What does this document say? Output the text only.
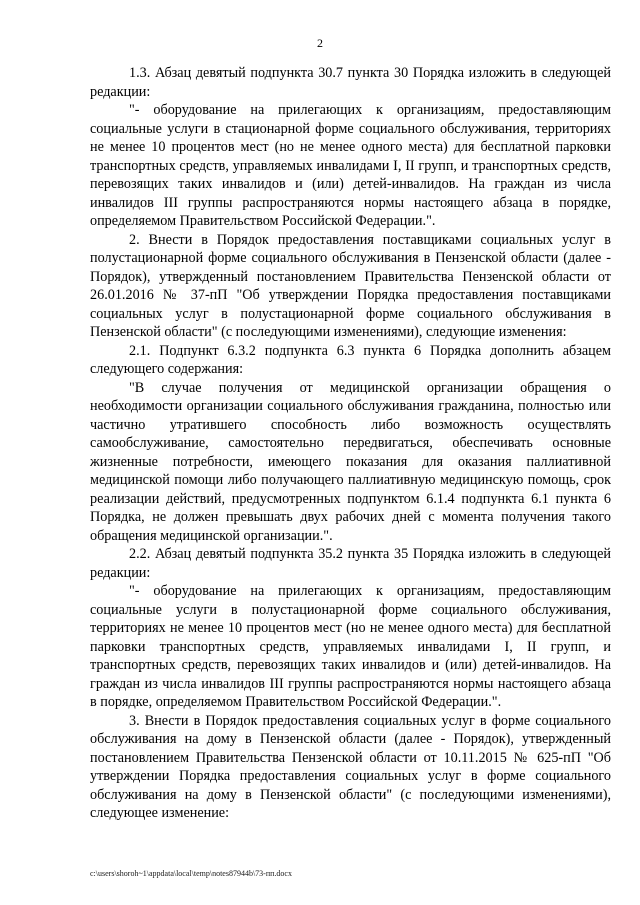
2

1.3. Абзац девятый подпункта 30.7 пункта 30 Порядка изложить в следующей редакции:

"- оборудование на прилегающих к организациям, предоставляющим социальные услуги в стационарной форме социального обслуживания, территориях не менее 10 процентов мест (но не менее одного места) для бесплатной парковки транспортных средств, управляемых инвалидами I, II групп, и транспортных средств, перевозящих таких инвалидов и (или) детей-инвалидов. На граждан из числа инвалидов III группы распространяются нормы настоящего абзаца в порядке, определяемом Правительством Российской Федерации.".

2. Внести в Порядок предоставления поставщиками социальных услуг в полустационарной форме социального обслуживания в Пензенской области (далее - Порядок), утвержденный постановлением Правительства Пензенской области от 26.01.2016 № 37-пП "Об утверждении Порядка предоставления поставщиками социальных услуг в полустационарной форме социального обслуживания в Пензенской области" (с последующими изменениями), следующие изменения:

2.1. Подпункт 6.3.2 подпункта 6.3 пункта 6 Порядка дополнить абзацем следующего содержания:

"В случае получения от медицинской организации обращения о необходимости организации социального обслуживания гражданина, полностью или частично утратившего способность либо возможность осуществлять самообслуживание, самостоятельно передвигаться, обеспечивать основные жизненные потребности, имеющего показания для оказания паллиативной медицинской помощи либо получающего паллиативную медицинскую помощь, срок реализации действий, предусмотренных подпунктом 6.1.4 подпункта 6.1 пункта 6 Порядка, не должен превышать двух рабочих дней с момента получения такого обращения медицинской организации.".

2.2. Абзац девятый подпункта 35.2 пункта 35 Порядка изложить в следующей редакции:

"- оборудование на прилегающих к организациям, предоставляющим социальные услуги в полустационарной форме социального обслуживания, территориях не менее 10 процентов мест (но не менее одного места) для бесплатной парковки транспортных средств, управляемых инвалидами I, II групп, и транспортных средств, перевозящих таких инвалидов и (или) детей-инвалидов. На граждан из числа инвалидов III группы распространяются нормы настоящего абзаца в порядке, определяемом Правительством Российской Федерации.".

3. Внести в Порядок предоставления социальных услуг в форме социального обслуживания на дому в Пензенской области (далее - Порядок), утвержденный постановлением Правительства Пензенской области от 10.11.2015 № 625-пП "Об утверждении Порядка предоставления социальных услуг в форме социального обслуживания на дому в Пензенской области" (с последующими изменениями), следующее изменение:

c:\users\shoroh~1\appdata\local\temp\notes87944b\73-пп.docx
